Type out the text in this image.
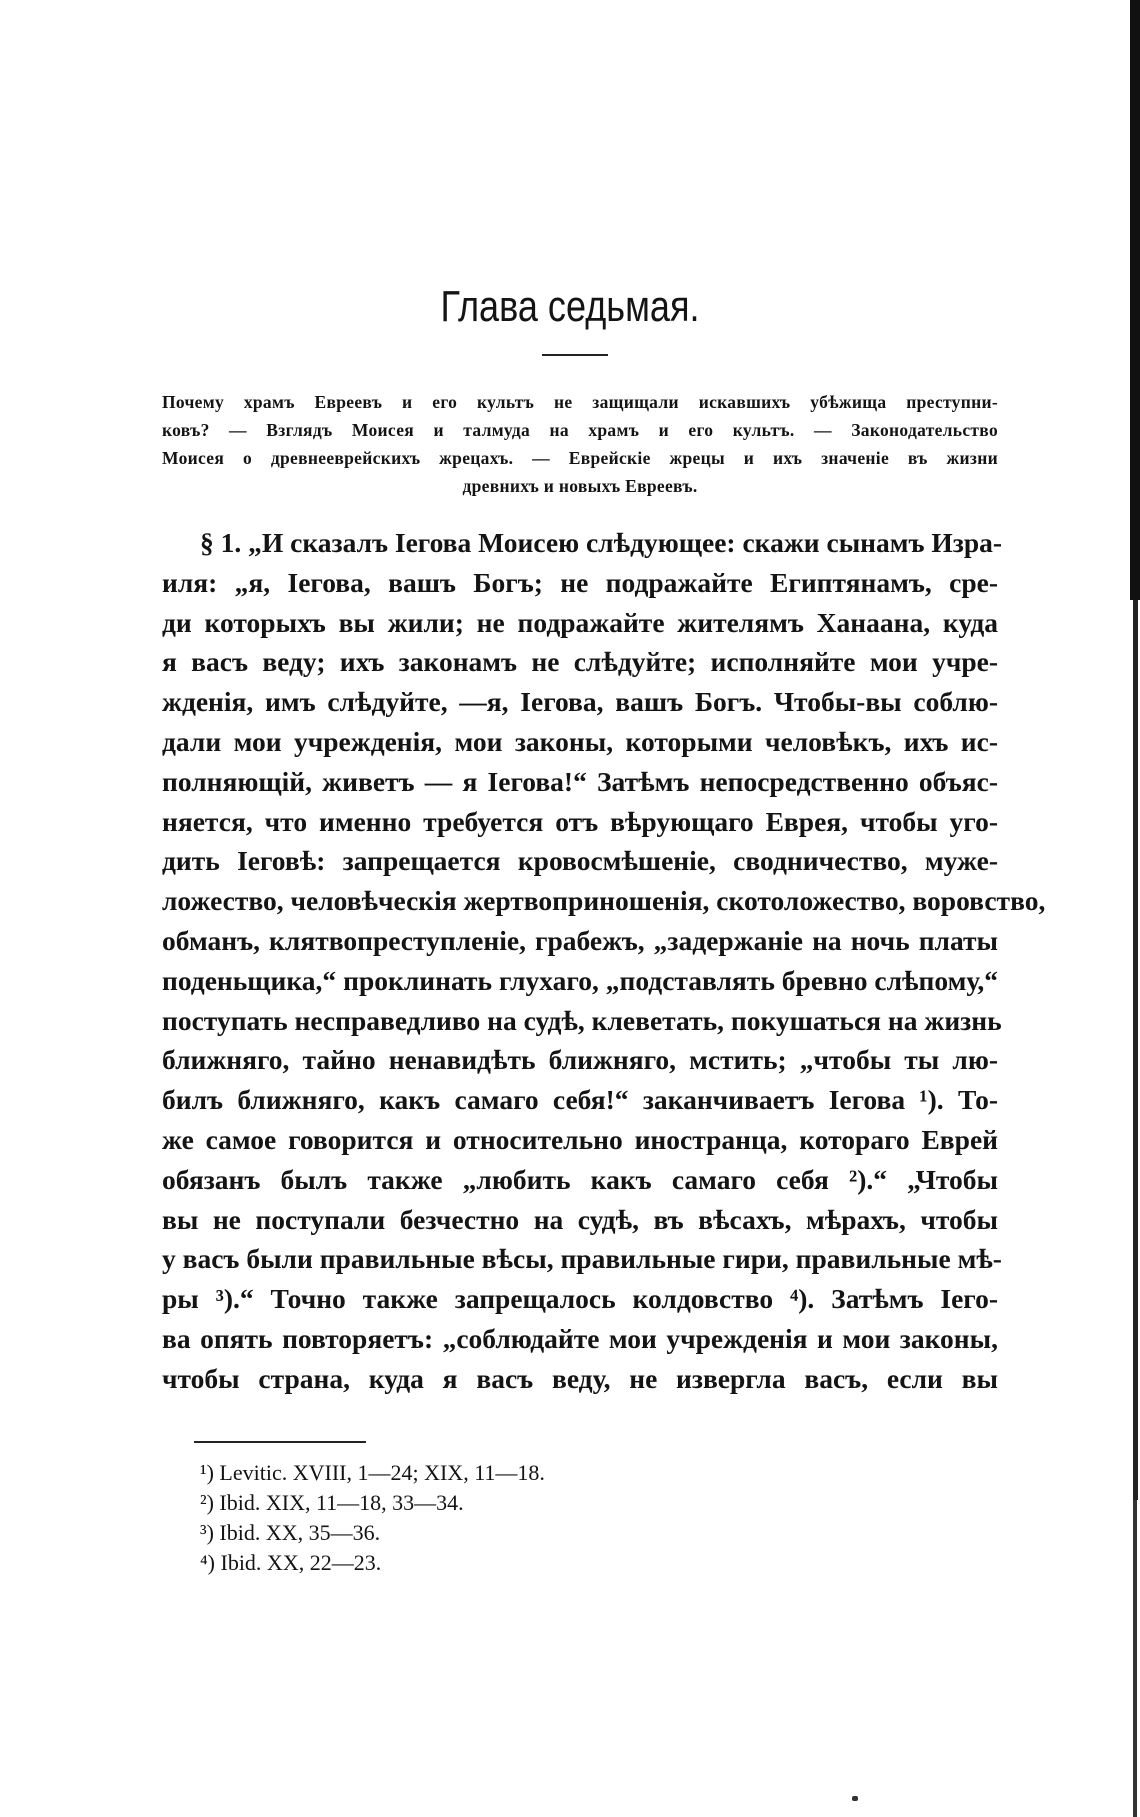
Глава седьмая.
Почему храмъ Евреевъ и его культъ не защищали искавшихъ убѣжища преступни-
ковъ? — Взглядъ Моисея и талмуда на храмъ и его культъ. — Законодательство
Моисея о древнееврейскихъ жрецахъ. — Еврейскіе жрецы и ихъ значеніе въ жизни
древнихъ и новыхъ Евреевъ.
§ 1. „И сказалъ Іегова Моисею слѣдующее: скажи сынамъ Изра-
иля: „я, Іегова, вашъ Богъ; не подражайте Египтянамъ, сре-
ди которыхъ вы жили; не подражайте жителямъ Ханаана, куда
я васъ веду; ихъ законамъ не слѣдуйте; исполняйте мои учре-
жденія, имъ слѣдуйте, —я, Іегова, вашъ Богъ. Чтобы-вы соблю-
дали мои учрежденія, мои законы, которыми человѣкъ, ихъ ис-
полняющій, живетъ — я Іегова!“ Затѣмъ непосредственно объяс-
няется, что именно требуется отъ вѣрующаго Еврея, чтобы уго-
дить Іеговѣ: запрещается кровосмѣшеніе, сводничество, муже-
ложество, человѣческія жертвоприношенія, скотоложество, воровство,
обманъ, клятвопреступленіе, грабежъ, „задержаніе на ночь платы
поденьщика,“ проклинать глухаго, „подставлять бревно слѣпому,“
поступать несправедливо на судѣ, клеветать, покушаться на жизнь
ближняго, тайно ненавидѣть ближняго, мстить; „чтобы ты лю-
билъ ближняго, какъ самаго себя!“ заканчиваетъ Іегова ¹). То-
же самое говорится и относительно иностранца, котораго Еврей
обязанъ былъ также „любить какъ самаго себя ²).“ „Чтобы
вы не поступали безчестно на судѣ, въ вѣсахъ, мѣрахъ, чтобы
у васъ были правильные вѣсы, правильные гири, правильные мѣ-
ры ³).“ Точно также запрещалось колдовство ⁴). Затѣмъ Іего-
ва опять повторяетъ: „соблюдайте мои учрежденія и мои законы,
чтобы страна, куда я васъ веду, не извергла васъ, если вы
¹) Levitic. XVIII, 1—24; XIX, 11—18.
²) Ibid. XIX, 11—18, 33—34.
³) Ibid. XX, 35—36.
⁴) Ibid. XX, 22—23.
